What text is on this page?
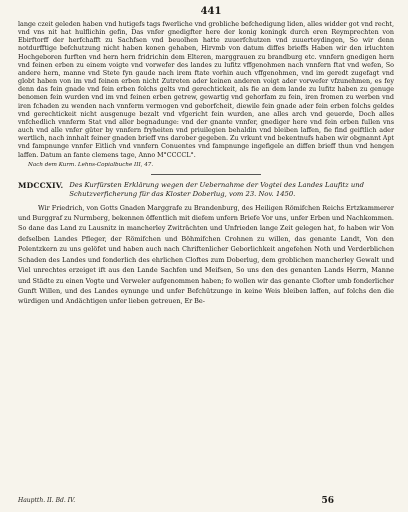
441

lange czeit geleden haben vnd hutigefs tags fwerliche vnd grobliche befchedigung liden, alles widder got vnd recht, vnd vns nit hat hulflichin gefin, Das vnfer gnedigfter here der konig koningk durch eren Reymprechten von Ebirftorff der herfchafft zu Sachfsen vnd beuolhen hatte zuuerfchutzen vnd zuuerteydingen, So wir denn notdurfftige befchutzung nicht haben konen gehaben, Hirvmb von datum diffes brieffs Haben wir den irluchten Hochgeboren furften vnd hern hern fridrichin dem Elteren, marggrauen zu brandburg etc. vnnfern gnedigen hern vnd feinen erben zu einem voigte vnd vorwefer des landes zu lufitz vffgenohmen nach vnnfern ftat vnd wefen, So andere hern, manne vnd Stete fyn gaude nach irem ftate vorhin auch vffgenohmen, vnd im geredt zugefagt vnd globt haben von im vnd feinen erben nicht Zutreten ader keinen anderen voigt ader vorwefer vfzunehmen, es fey denn das fein gnade vnd fein erben folchs gelts vnd gerechtickeit, als fie an dem lande zu lufitz haben zu genuge benomen fein wurden vnd im vnd feinen erben getrew, gewartig vnd gehorfam zu fein, iren fromen zu werben vnd iren fchaden zu wenden nach vnnferm vermogen vnd geborfcheit, diewile fein gnade ader fein erben folchs geldes vnd gerechtickeit nicht ausgenuge bezalt vnd vfgericht fein wurden, ane alles arch vnd geuerde, Doch alles vnfchedlich vnnferm Stat vnd aller begnadunge: vnd der gnante vnnfer, gnediger here vnd fein erben fullen vns auch vnd alle vnfer güter by vnnfern fryheiten vnd priuilegien behaldin vnd bleiben laffen, fie find geiftlich ader wertlich, nach innhalt feiner gnaden brieff vns darober gegeben. Zu vrkunt vnd bekentnufs haben wir obgnannt Apt vnd fampnunge vnnfer Eitlich vnd vnnfern Conuentes vnd fampnunge ingefigele an diffen brieff thun vnd hengen laffen. Datum an fante clemens tage, Anno M°CCCCL°.

Nach dem Kurm. Lehns-Copialbuche III, 47.
MDCCXIV. Des Kurfürsten Erklärung wegen der Uebernahme der Vogtei des Landes Laufitz und Schutzverficherung für das Kloster Doberlug, vom 23. Nov. 1450.

Wir Friedrich, von Gotts Gnaden Marggrafe zu Brandenburg, des Heiligen Römifchen Reichs Ertzkammerer und Burggraf zu Nurmberg, bekennen öffentlich mit diefem unfern Briefe Vor uns, unfer Erben und Nachkommen. So dane das Land zu Lausnitz in mancherley Zwiträchten und Unfrieden lange Zeit gelegen hat, fo haben wir Von defselben Landes Pfleger, der Römifchen und Böhmifchen Crohnen zu willen, das genante Landt, Von den Polentzkern zu uns gelöfet und haben auch nach Chriftenlicher Geborlichkeit angefehen Noth und Verderblichen Schaden des Landes und fonderlich des ehrlichen Cloftes zum Doberlug, dem groblichen mancherley Gewalt und Viel unrechtes erzeiget ift aus den Lande Sachfen und Meifsen, So uns den des genanten Lands Herrn, Manne und Städte zu einen Vogte und Verweler aufgenommen haben; fo wollen wir das genante Clofter umb fonderlicher Gunft Willen, und des Landes eynunge und unfer Befchützunge in keine Weis bleiben laffen, auf folchs den die würdigen und Andächtigen unfer lieben getreuen, Er Be-

Hauptth. II. Bd. IV.	56
